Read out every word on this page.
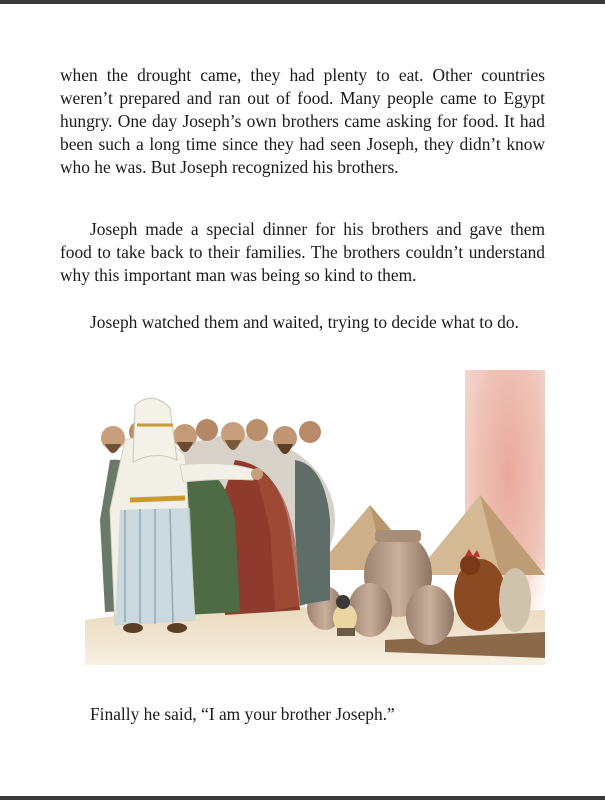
when the drought came, they had plenty to eat. Other countries weren’t prepared and ran out of food. Many people came to Egypt hungry. One day Joseph’s own brothers came asking for food. It had been such a long time since they had seen Joseph, they didn’t know who he was. But Joseph recognized his brothers.

Joseph made a special dinner for his brothers and gave them food to take back to their families. The brothers couldn’t understand why this important man was being so kind to them.

Joseph watched them and waited, trying to decide what to do.

Finally he said, “I am your brother Joseph.”
